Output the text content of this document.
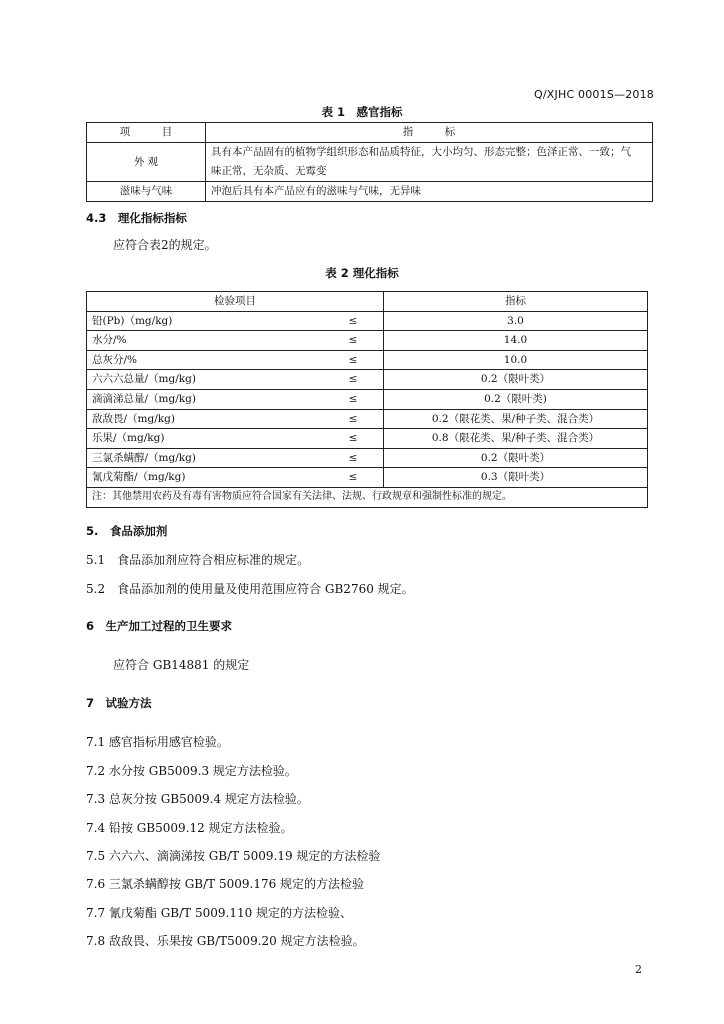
Q/XJHC 0001S—2018
表 1　感官指标
项　　　目	指　　　标
外 观	具有本产品固有的植物学组织形态和品质特征，大小均匀、形态完整；色泽正常、一致；气
味正常，无杂质、无霉变
滋味与气味	冲泡后具有本产品应有的滋味与气味，无异味
4.3　理化指标指标
应符合表2的规定。
表 2 理化指标
检验项目		指标
铅(Pb)（mg/kg)	≤	3.0
水分/%	≤	14.0
总灰分/%	≤	10.0
六六六总量/（mg/kg)	≤	0.2（限叶类）
滴滴涕总量/（mg/kg)	≤	0.2（限叶类)
敌敌畏/（mg/kg)	≤	0.2（限花类、果/种子类、混合类）
乐果/（mg/kg)	≤	0.8（限花类、果/种子类、混合类）
三氯杀螨醇/（mg/kg)	≤	0.2（限叶类）
氰戊菊酯/（mg/kg)	≤	0.3（限叶类）
注：其他禁用农药及有毒有害物质应符合国家有关法律、法规、行政规章和强制性标准的规定。		
5.　食品添加剂
5.1　食品添加剂应符合相应标准的规定。
5.2　食品添加剂的使用量及使用范围应符合 GB2760 规定。
6　生产加工过程的卫生要求
应符合 GB14881 的规定
7　试验方法
7.1 感官指标用感官检验。
7.2 水分按 GB5009.3 规定方法检验。
7.3 总灰分按 GB5009.4 规定方法检验。
7.4 铅按 GB5009.12 规定方法检验。
7.5 六六六、滴滴涕按 GB/T 5009.19 规定的方法检验
7.6 三氯杀螨醇按 GB/T 5009.176 规定的方法检验
7.7 氰戊菊酯 GB/T 5009.110 规定的方法检验、
7.8 敌敌畏、乐果按 GB/T5009.20 规定方法检验。
2
